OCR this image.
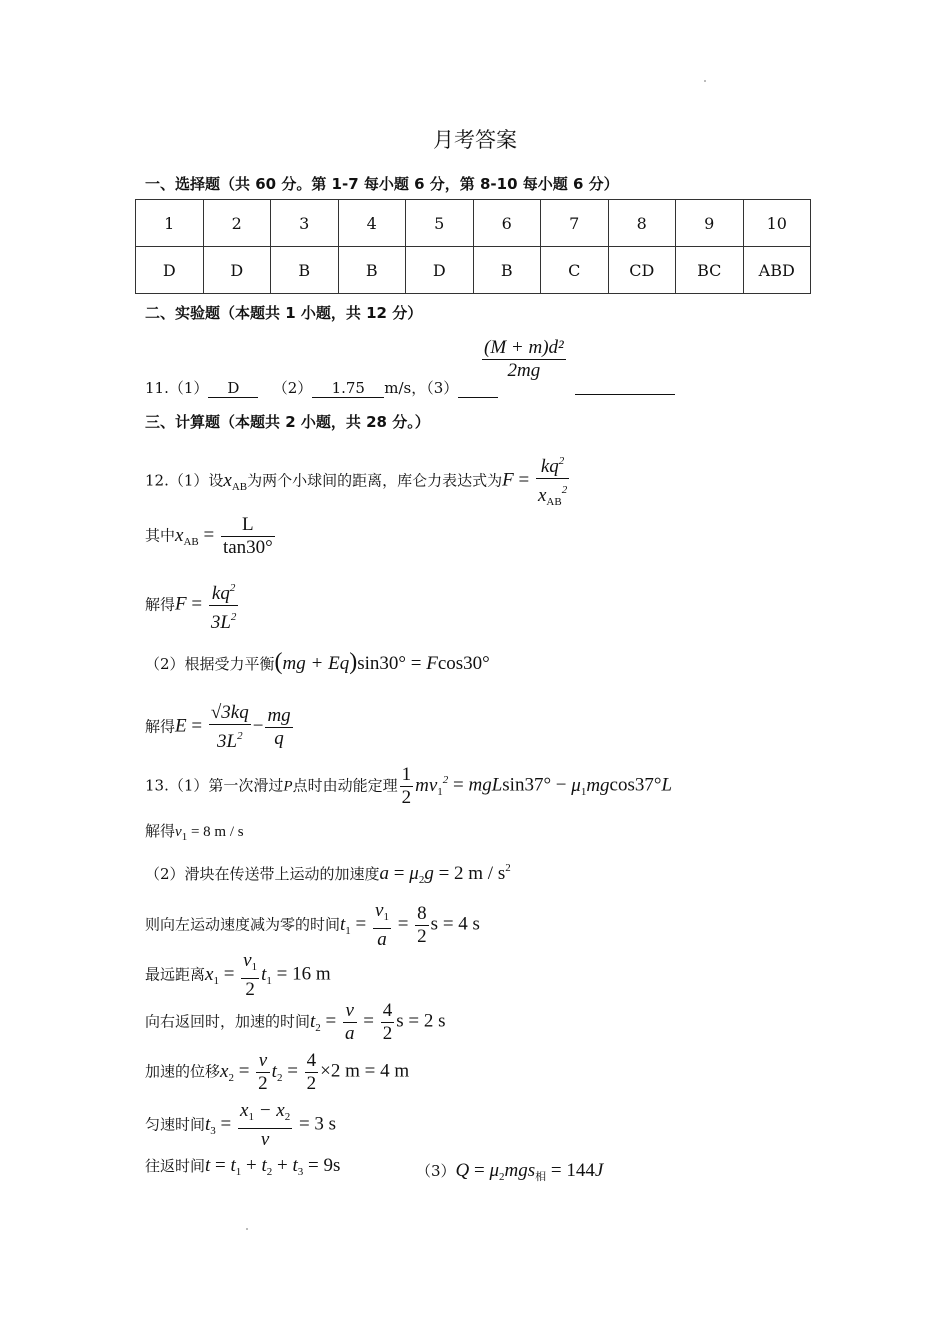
月考答案
一、选择题（共 60 分。第 1-7 每小题 6 分，第 8-10 每小题 6 分）
1	2	3	4	5	6	7	8	9	10
D	D	B	B	D	B	C	CD	BC	ABD
二、实验题（本题共 1 小题，共 12 分）
11.（1） D （2） 1.75 m/s，（3）
$\frac{\text{(M + m)d²}}{2mg}$
三、计算题（本题共 2 小题，共 28 分。）
12.（1）设$x_{AB}$为两个小球间的距离，库仑力表达式为$F = \frac{kq^2}{x_{AB}^2}$
其中$x_{AB} = \frac{L}{\tan 30^\circ}$
解得$F = \frac{kq^2}{3L^2}$
（2）根据受力平衡(mg + Eq)sin30° = Fcos30°
解得$E = \frac{√3kq}{3L^2} - \frac{mg}{q}$
13.（1）第一次滑过P点时由动能定理 $\frac{1}{2} mv_1^2 = mgLsin37^\circ - \mu_1mgcos37^\circ L$
解得$v_1 = 8$ m / s
（2）滑块在传送带上运动的加速度$a = \mu_2g = 2$ m / $s^2$
则向左运动速度减为零的时间$t_1 = \frac{v_1}{a} = \frac{8}{2}$ s = 4 s
最远距离$x_1 = \frac{v_1}{2} t_1 = 16$ m
向右返回时，加速的时间$t_2 = \frac{v}{a} = \frac{4}{2}$ s = 2 s
加速的位移$x_2 = \frac{v}{2} t_2 = \frac{4}{2} \times 2$ m = 4 m
匀速时间$t_3 = \frac{x_1 - x_2}{v} = 3$ s
往返时间$t = t_1 + t_2 + t_3 = 9s$	$(3)Q = \mu_2mgs_相 = 144J$
